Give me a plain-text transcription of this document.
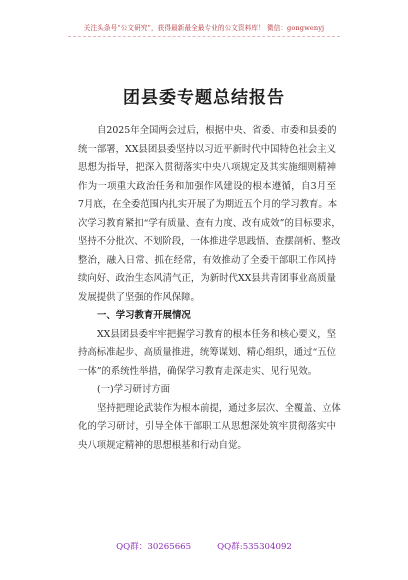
关注头条号“公文研究”，获得最新最全最专业的公文资料库！ 微信：gongwenyj
团县委专题总结报告
自2025年全国两会过后，根据中央、省委、市委和县委的
统一部署，XX县团县委坚持以习近平新时代中国特色社会主义
思想为指导，把深入贯彻落实中央八项规定及其实施细则精神
作为一项重大政治任务和加强作风建设的根本遵循，自3月至
7月底，在全委范围内扎实开展了为期近五个月的学习教育。本
次学习教育紧扣“学有质量、查有力度、改有成效”的目标要求，
坚持不分批次、不划阶段，一体推进学思践悟、查摆剖析、整改
整治，融入日常、抓在经常，有效推动了全委干部职工作风持
续向好、政治生态风清气正，为新时代XX县共青团事业高质量
发展提供了坚强的作风保障。
一、学习教育开展情况
XX县团县委牢牢把握学习教育的根本任务和核心要义，坚
持高标准起步、高质量推进，统筹谋划、精心组织，通过“五位
一体”的系统性举措，确保学习教育走深走实、见行见效。
(一)学习研讨方面
坚持把理论武装作为根本前提，通过多层次、全覆盖、立体
化的学习研讨，引导全体干部职工从思想深处筑牢贯彻落实中
央八项规定精神的思想根基和行动自觉。
QQ群：30265665	QQ群:535304092
